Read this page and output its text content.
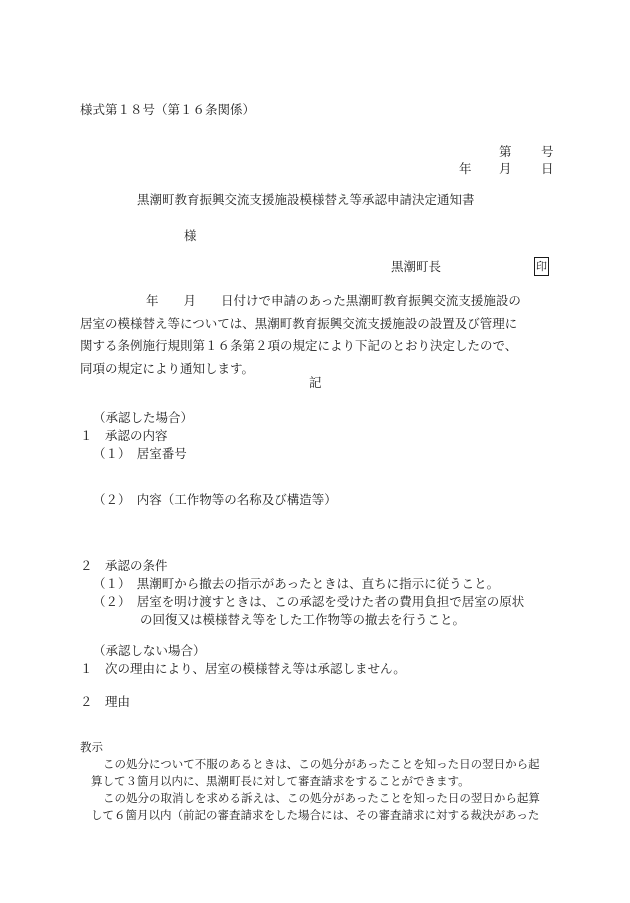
様式第１８号（第１６条関係）
第 号
年 月 日
黒潮町教育振興交流支援施設模様替え等承認申請決定通知書
様
黒潮町長	印
年　　月　　日付けで申請のあった黒潮町教育振興交流支援施設の
居室の模様替え等については、黒潮町教育振興交流支援施設の設置及び管理に
関する条例施行規則第１６条第２項の規定により下記のとおり決定したので、
同項の規定により通知します。
記
（承認した場合）
１　承認の内容
（１）　居室番号
（２）　内容（工作物等の名称及び構造等）
２　承認の条件
（１）　黒潮町から撤去の指示があったときは、直ちに指示に従うこと。
（２）　居室を明け渡すときは、この承認を受けた者の費用負担で居室の原状
の回復又は模様替え等をした工作物等の撤去を行うこと。
（承認しない場合）
１　次の理由により、居室の模様替え等は承認しません。
２　理由
教示
この処分について不服のあるときは、この処分があったことを知った日の翌日から起
算して３箇月以内に、黒潮町長に対して審査請求をすることができます。
この処分の取消しを求める訴えは、この処分があったことを知った日の翌日から起算
して６箇月以内（前記の審査請求をした場合には、その審査請求に対する裁決があった
